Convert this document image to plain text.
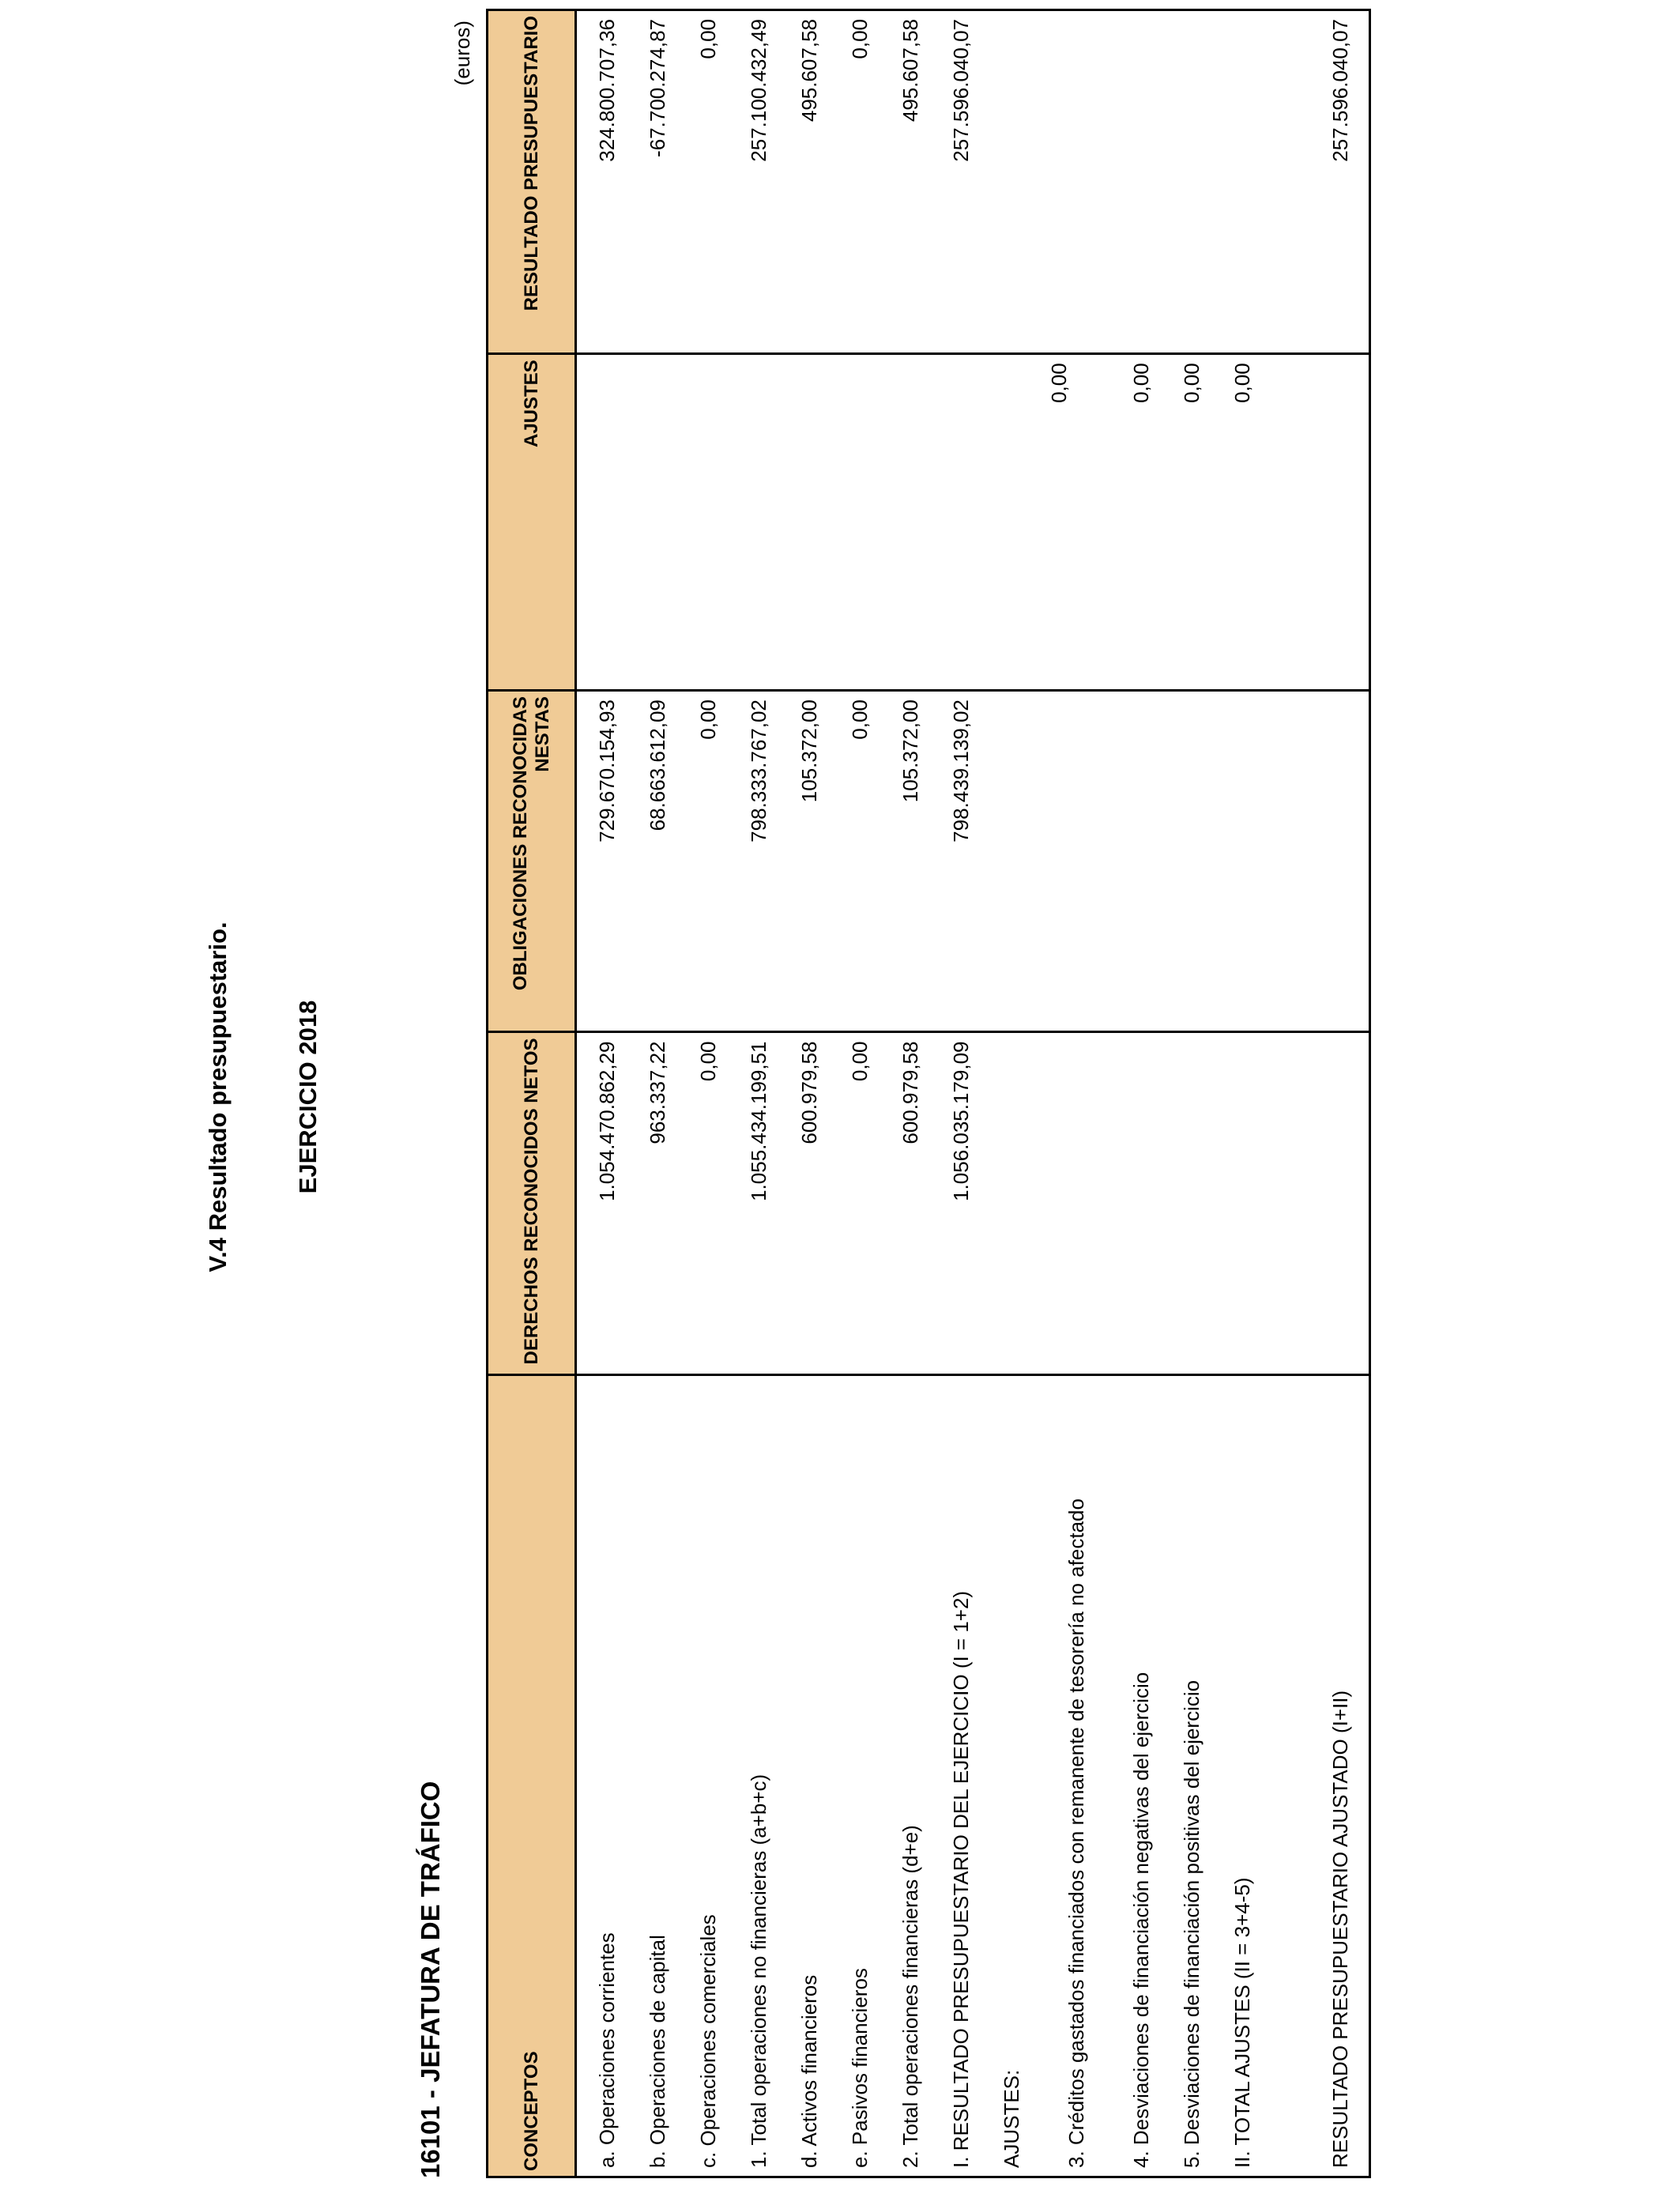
V.4 Resultado presupuestario.	EJERCICIO 2018
16101 - JEFATURA DE TRÁFICO
(euros)
CONCEPTOS	DERECHOS RECONOCIDOS NETOS	OBLIGACIONES RECONOCIDAS NESTAS	AJUSTES	RESULTADO PRESUPUESTARIO
a. Operaciones corrientes	1.054.470.862,29	729.670.154,93		324.800.707,36
b. Operaciones de capital	963.337,22	68.663.612,09		-67.700.274,87
c. Operaciones comerciales	0,00	0,00		0,00
1. Total operaciones no financieras (a+b+c)	1.055.434.199,51	798.333.767,02		257.100.432,49
d. Activos financieros	600.979,58	105.372,00		495.607,58
e. Pasivos financieros	0,00	0,00		0,00
2. Total operaciones financieras (d+e)	600.979,58	105.372,00		495.607,58
I. RESULTADO PRESUPUESTARIO DEL EJERCICIO (I = 1+2)	1.056.035.179,09	798.439.139,02		257.596.040,07
AJUSTES:				
3. Créditos gastados financiados con remanente de tesorería no afectado			0,00	
4. Desviaciones de financiación negativas del ejercicio			0,00	
5. Desviaciones de financiación positivas del ejercicio			0,00	
II. TOTAL AJUSTES (II = 3+4-5)			0,00	
RESULTADO PRESUPUESTARIO AJUSTADO (I+II)				257.596.040,07
